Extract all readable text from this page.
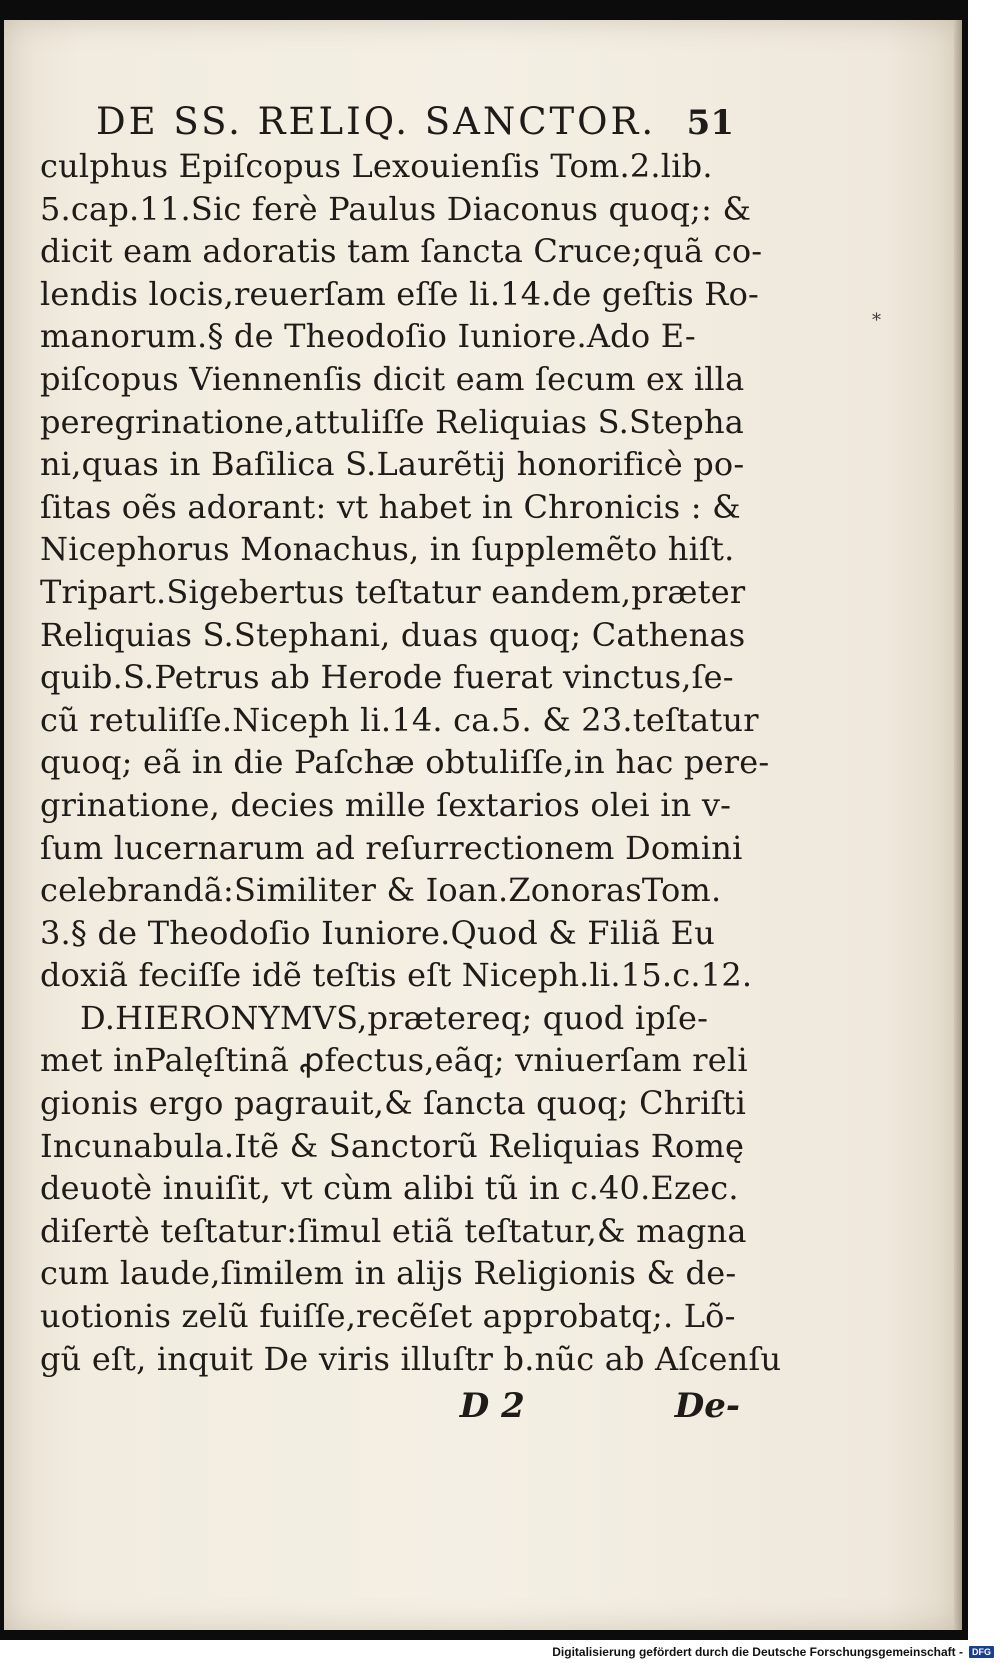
DE SS. RELIQ. SANCTOR. 51
culphus Epiſcopus Lexouienſis Tom.2.lib.
5.cap.11.Sic ferè Paulus Diaconus quoq;: &
dicit eam adoratis tam ſancta Cruce;quã co-
lendis locis,reuerſam eſſe li.14.de geſtis Ro-
manorum.§ de Theodoſio Iuniore.Ado E-
piſcopus Viennenſis dicit eam ſecum ex illa
peregrinatione,attuliſſe Reliquias S.Stepha
ni,quas in Baſilica S.Laurẽtij honorificè po-
ſitas oẽs adorant: vt habet in Chronicis : &
Nicephorus Monachus, in ſupplemẽto hiſt.
Tripart.Sigebertus teſtatur eandem,præter
Reliquias S.Stephani, duas quoq; Cathenas
quib.S.Petrus ab Herode fuerat vinctus,ſe-
cũ retuliſſe.Niceph li.14. ca.5. & 23.teſtatur
quoq; eã in die Paſchæ obtuliſſe,in hac pere-
grinatione, decies mille ſextarios olei in v-
ſum lucernarum ad reſurrectionem Domini
celebrandã:Similiter & Ioan.ZonorasTom.
3.§ de Theodoſio Iuniore.Quod & Filiã Eu
doxiã feciſſe idẽ teſtis eſt Niceph.li.15.c.12.
D.HIERONYMVS,prætereq; quod ipſe-
met inPalęſtinã ꝓfectus,eãq; vniuerſam reli
gionis ergo pagrauit,& ſancta quoq; Chriſti
Incunabula.Itẽ & Sanctorũ Reliquias Romę
deuotè inuiſit, vt cùm alibi tũ in c.40.Ezec.
diſertè teſtatur:ſimul etiã teſtatur,& magna
cum laude,ſimilem in alijs Religionis & de-
uotionis zelũ fuiſſe,recẽſet approbatq;. Lõ-
gũ eſt, inquit De viris illuſtr b.nũc ab Aſcenſu
D 2	De-
*
Digitalisierung gefördert durch die Deutsche Forschungsgemeinschaft -	DFG
